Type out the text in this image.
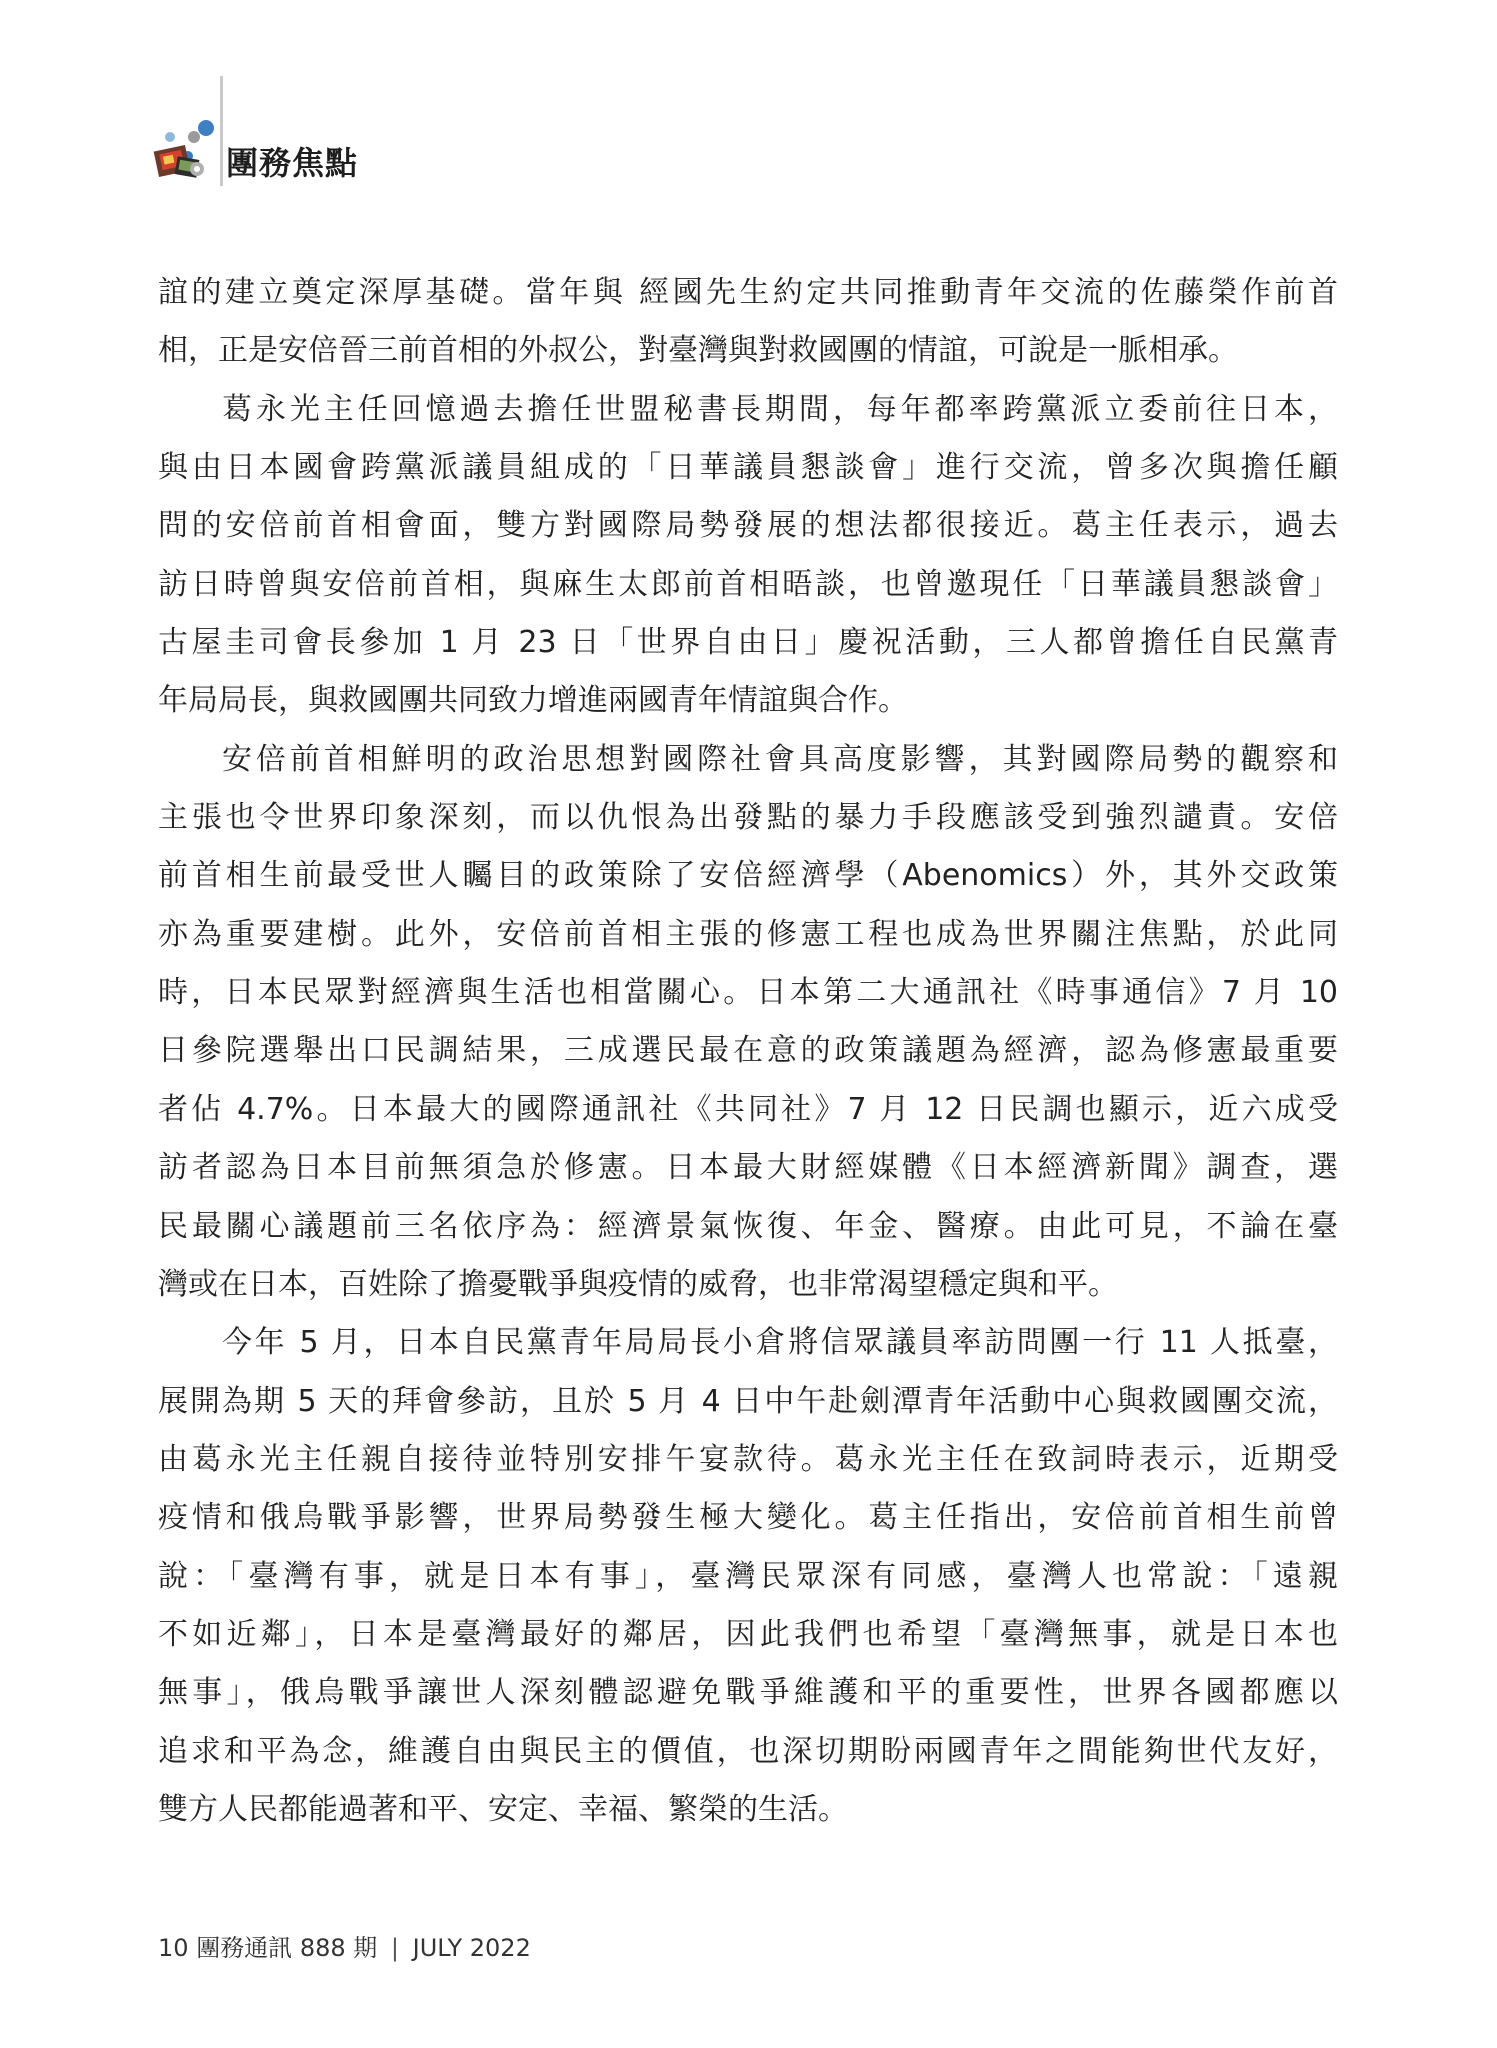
團務焦點
誼的建立奠定深厚基礎。當年與 經國先生約定共同推動青年交流的佐藤榮作前首
相，正是安倍晉三前首相的外叔公，對臺灣與對救國團的情誼，可說是一脈相承。
葛永光主任回憶過去擔任世盟秘書長期間，每年都率跨黨派立委前往日本，
與由日本國會跨黨派議員組成的「日華議員懇談會」進行交流，曾多次與擔任顧
問的安倍前首相會面，雙方對國際局勢發展的想法都很接近。葛主任表示，過去
訪日時曾與安倍前首相，與麻生太郎前首相晤談，也曾邀現任「日華議員懇談會」
古屋圭司會長參加 1 月 23 日「世界自由日」慶祝活動，三人都曾擔任自民黨青
年局局長，與救國團共同致力增進兩國青年情誼與合作。
安倍前首相鮮明的政治思想對國際社會具高度影響，其對國際局勢的觀察和
主張也令世界印象深刻，而以仇恨為出發點的暴力手段應該受到強烈譴責。安倍
前首相生前最受世人矚目的政策除了安倍經濟學（Abenomics）外，其外交政策
亦為重要建樹。此外，安倍前首相主張的修憲工程也成為世界關注焦點，於此同
時，日本民眾對經濟與生活也相當關心。日本第二大通訊社《時事通信》7 月 10
日參院選舉出口民調結果，三成選民最在意的政策議題為經濟，認為修憲最重要
者佔 4.7%。日本最大的國際通訊社《共同社》7 月 12 日民調也顯示，近六成受
訪者認為日本目前無須急於修憲。日本最大財經媒體《日本經濟新聞》調查，選
民最關心議題前三名依序為：經濟景氣恢復、年金、醫療。由此可見，不論在臺
灣或在日本，百姓除了擔憂戰爭與疫情的威脅，也非常渴望穩定與和平。
今年 5 月，日本自民黨青年局局長小倉將信眾議員率訪問團一行 11 人抵臺，
展開為期 5 天的拜會參訪，且於 5 月 4 日中午赴劍潭青年活動中心與救國團交流，
由葛永光主任親自接待並特別安排午宴款待。葛永光主任在致詞時表示，近期受
疫情和俄烏戰爭影響，世界局勢發生極大變化。葛主任指出，安倍前首相生前曾
說：「臺灣有事，就是日本有事」，臺灣民眾深有同感，臺灣人也常說：「遠親
不如近鄰」，日本是臺灣最好的鄰居，因此我們也希望「臺灣無事，就是日本也
無事」，俄烏戰爭讓世人深刻體認避免戰爭維護和平的重要性，世界各國都應以
追求和平為念，維護自由與民主的價值，也深切期盼兩國青年之間能夠世代友好，
雙方人民都能過著和平、安定、幸福、繁榮的生活。
10 團務通訊 888 期 | JULY 2022
